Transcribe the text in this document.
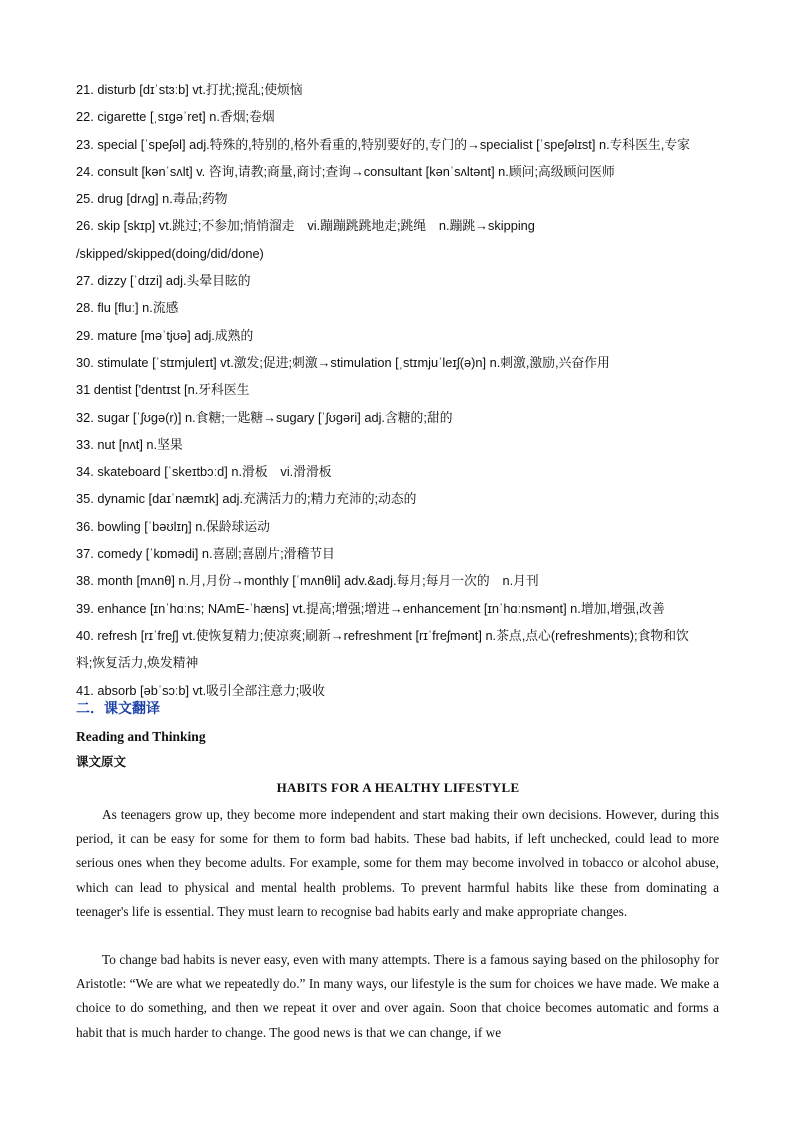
21. disturb [dɪˈstɜːb] vt.打扰;搅乱;使烦恼
22. cigarette [ˌsɪɡəˈret] n.香烟;卷烟
23. special [ˈspeʃəl] adj.特殊的,特别的,格外看重的,特别要好的,专门的→specialist [ˈspeʃəlɪst] n.专科医生,专家
24. consult [kənˈsʌlt] v. 咨询,请教;商量,商讨;查询→consultant [kənˈsʌltənt] n.顾问;高级顾问医师
25. drug [drʌɡ] n.毒品;药物
26. skip [skɪp] vt.跳过;不参加;悄悄溜走　vi.蹦蹦跳跳地走;跳绳　n.蹦跳→skipping
/skipped/skipped(doing/did/done)
27. dizzy [ˈdɪzi] adj.头晕目眩的
28. flu [fluː] n.流感
29. mature [məˈtjʊə] adj.成熟的
30. stimulate [ˈstɪmjuleɪt] vt.激发;促进;刺激→stimulation [ˌstɪmjuˈleɪʃ(ə)n] n.刺激,激励,兴奋作用
31 dentist ['dentɪst [n.牙科医生
32. sugar [ˈʃʊɡə(r)] n.食糖;一匙糖→sugary [ˈʃʊɡəri] adj.含糖的;甜的
33. nut [nʌt] n.坚果
34. skateboard [ˈskeɪtbɔːd] n.滑板　vi.滑滑板
35. dynamic [daɪˈnæmɪk] adj.充满活力的;精力充沛的;动态的
36. bowling [ˈbəʊlɪŋ] n.保龄球运动
37. comedy [ˈkɒmədi] n.喜剧;喜剧片;滑稽节目
38. month [mʌnθ] n.月,月份→monthly [ˈmʌnθli] adv.&adj.每月;每月一次的　n.月刊
39. enhance [ɪnˈhɑːns; NAmE-ˈhæns] vt.提高;增强;增进→enhancement [ɪnˈhɑːnsmənt] n.增加,增强,改善
40. refresh [rɪˈfreʃ] vt.使恢复精力;使凉爽;刷新→refreshment [rɪˈfreʃmənt] n.茶点,点心(refreshments);食物和饮
料;恢复活力,焕发精神
41. absorb [əbˈsɔːb] vt.吸引全部注意力;吸收
二．课文翻译
Reading and Thinking
课文原文
HABITS FOR A HEALTHY LIFESTYLE

As teenagers grow up, they become more independent and start making their own decisions. However, during this period, it can be easy for some for them to form bad habits. These bad habits, if left unchecked, could lead to more serious ones when they become adults. For example, some for them may become involved in tobacco or alcohol abuse, which can lead to physical and mental health problems. To prevent harmful habits like these from dominating a teenager's life is essential. They must learn to recognise bad habits early and make appropriate changes.

To change bad habits is never easy, even with many attempts. There is a famous saying based on the philosophy for Aristotle: “We are what we repeatedly do.” In many ways, our lifestyle is the sum for choices we have made. We make a choice to do something, and then we repeat it over and over again. Soon that choice becomes automatic and forms a habit that is much harder to change. The good news is that we can change, if we
